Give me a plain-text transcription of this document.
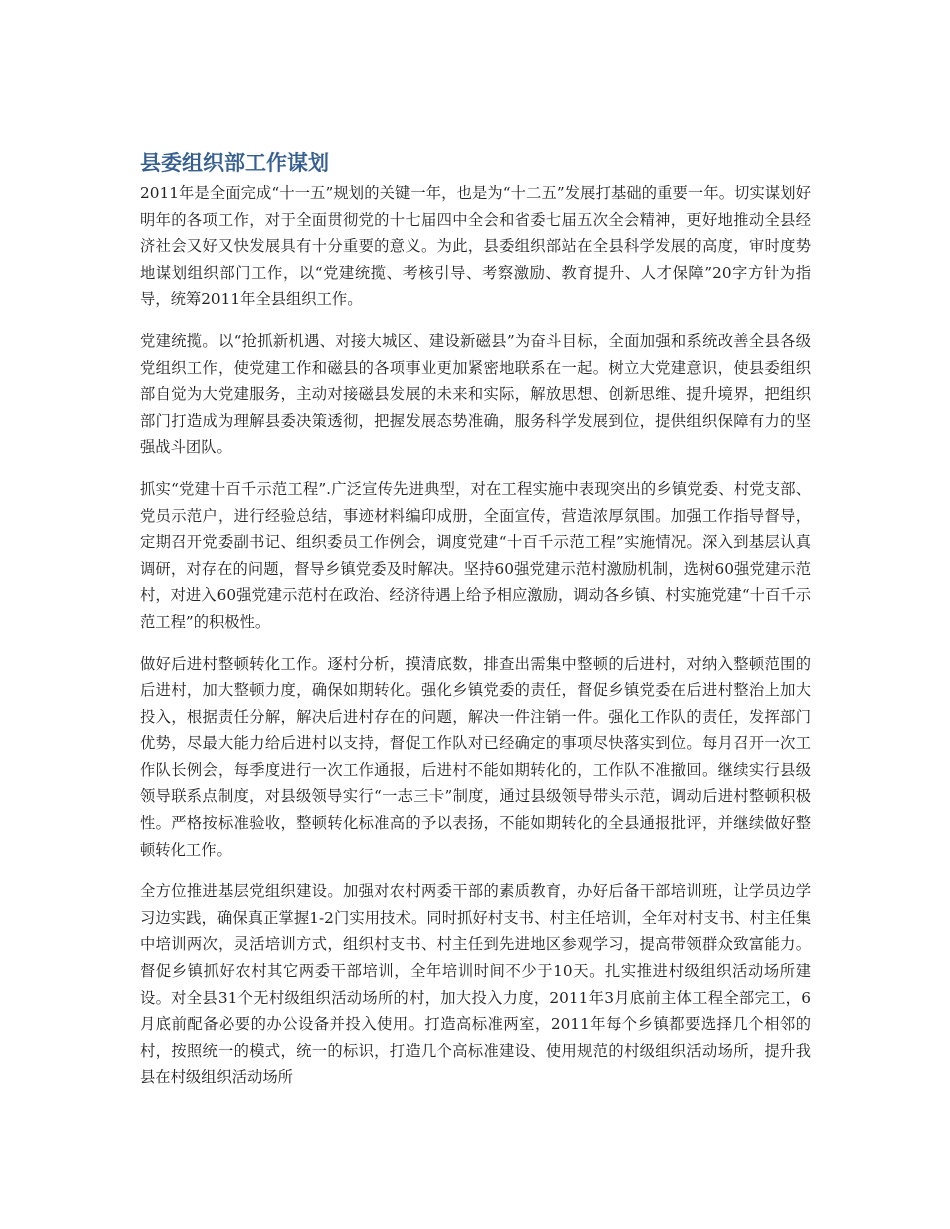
县委组织部工作谋划

2011年是全面完成“十一五”规划的关键一年，也是为“十二五”发展打基础的重要一年。切实谋划好明年的各项工作，对于全面贯彻党的十七届四中全会和省委七届五次全会精神，更好地推动全县经济社会又好又快发展具有十分重要的意义。为此，县委组织部站在全县科学发展的高度，审时度势地谋划组织部门工作，以“党建统揽、考核引导、考察激励、教育提升、人才保障”20字方针为指导，统筹2011年全县组织工作。

党建统揽。以“抢抓新机遇、对接大城区、建设新磁县”为奋斗目标，全面加强和系统改善全县各级党组织工作，使党建工作和磁县的各项事业更加紧密地联系在一起。树立大党建意识，使县委组织部自觉为大党建服务，主动对接磁县发展的未来和实际，解放思想、创新思维、提升境界，把组织部门打造成为理解县委决策透彻，把握发展态势准确，服务科学发展到位，提供组织保障有力的坚强战斗团队。

抓实“党建十百千示范工程”.广泛宣传先进典型，对在工程实施中表现突出的乡镇党委、村党支部、党员示范户，进行经验总结，事迹材料编印成册，全面宣传，营造浓厚氛围。加强工作指导督导，定期召开党委副书记、组织委员工作例会，调度党建“十百千示范工程”实施情况。深入到基层认真调研，对存在的问题，督导乡镇党委及时解决。坚持60强党建示范村激励机制，选树60强党建示范村，对进入60强党建示范村在政治、经济待遇上给予相应激励，调动各乡镇、村实施党建“十百千示范工程”的积极性。

做好后进村整顿转化工作。逐村分析，摸清底数，排查出需集中整顿的后进村，对纳入整顿范围的后进村，加大整顿力度，确保如期转化。强化乡镇党委的责任，督促乡镇党委在后进村整治上加大投入，根据责任分解，解决后进村存在的问题，解决一件注销一件。强化工作队的责任，发挥部门优势，尽最大能力给后进村以支持，督促工作队对已经确定的事项尽快落实到位。每月召开一次工作队长例会，每季度进行一次工作通报，后进村不能如期转化的，工作队不准撤回。继续实行县级领导联系点制度，对县级领导实行“一志三卡”制度，通过县级领导带头示范，调动后进村整顿积极性。严格按标准验收，整顿转化标准高的予以表扬，不能如期转化的全县通报批评，并继续做好整顿转化工作。

全方位推进基层党组织建设。加强对农村两委干部的素质教育，办好后备干部培训班，让学员边学习边实践，确保真正掌握1-2门实用技术。同时抓好村支书、村主任培训，全年对村支书、村主任集中培训两次，灵活培训方式，组织村支书、村主任到先进地区参观学习，提高带领群众致富能力。督促乡镇抓好农村其它两委干部培训，全年培训时间不少于10天。扎实推进村级组织活动场所建设。对全县31个无村级组织活动场所的村，加大投入力度，2011年3月底前主体工程全部完工，6月底前配备必要的办公设备并投入使用。打造高标准两室，2011年每个乡镇都要选择几个相邻的村，按照统一的模式，统一的标识，打造几个高标准建设、使用规范的村级组织活动场所，提升我县在村级组织活动场所
